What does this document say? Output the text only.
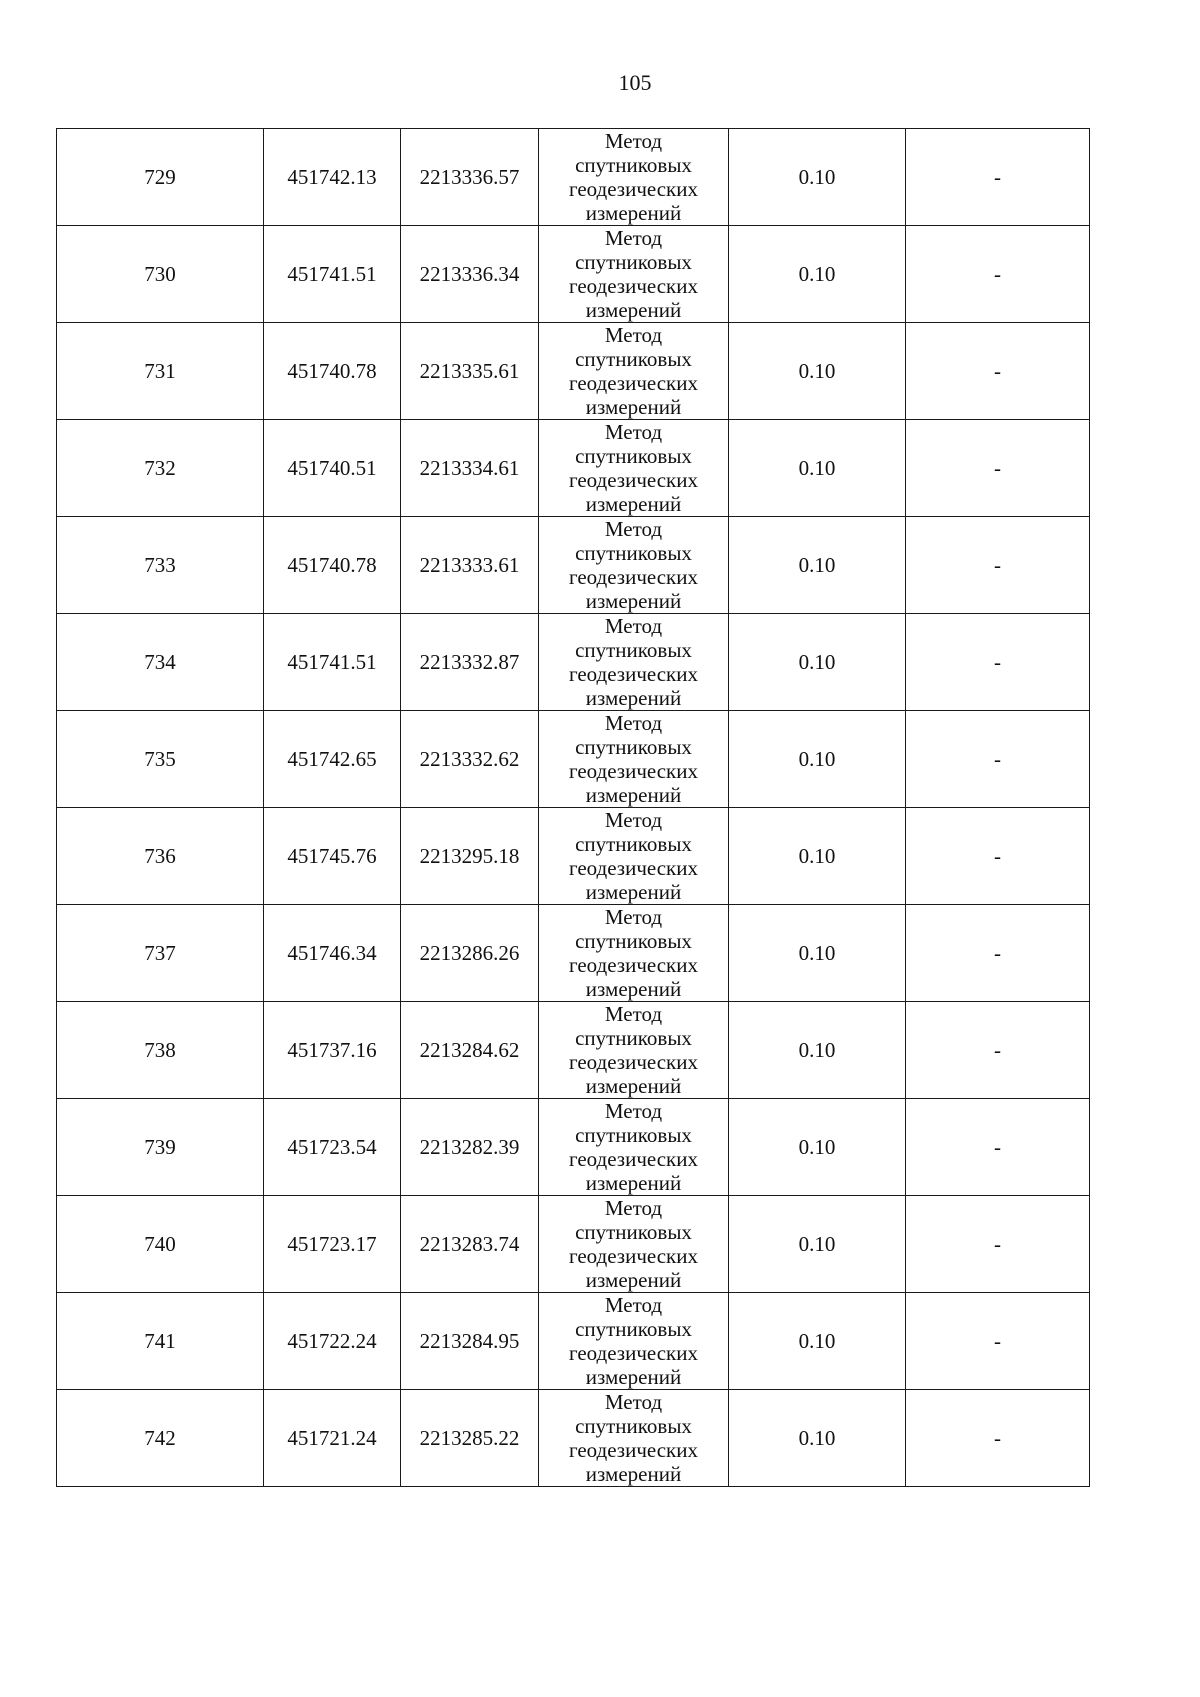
105
729	451742.13	2213336.57	Метод
спутниковых
геодезических
измерений	0.10	-
730	451741.51	2213336.34	Метод
спутниковых
геодезических
измерений	0.10	-
731	451740.78	2213335.61	Метод
спутниковых
геодезических
измерений	0.10	-
732	451740.51	2213334.61	Метод
спутниковых
геодезических
измерений	0.10	-
733	451740.78	2213333.61	Метод
спутниковых
геодезических
измерений	0.10	-
734	451741.51	2213332.87	Метод
спутниковых
геодезических
измерений	0.10	-
735	451742.65	2213332.62	Метод
спутниковых
геодезических
измерений	0.10	-
736	451745.76	2213295.18	Метод
спутниковых
геодезических
измерений	0.10	-
737	451746.34	2213286.26	Метод
спутниковых
геодезических
измерений	0.10	-
738	451737.16	2213284.62	Метод
спутниковых
геодезических
измерений	0.10	-
739	451723.54	2213282.39	Метод
спутниковых
геодезических
измерений	0.10	-
740	451723.17	2213283.74	Метод
спутниковых
геодезических
измерений	0.10	-
741	451722.24	2213284.95	Метод
спутниковых
геодезических
измерений	0.10	-
742	451721.24	2213285.22	Метод
спутниковых
геодезических
измерений	0.10	-
